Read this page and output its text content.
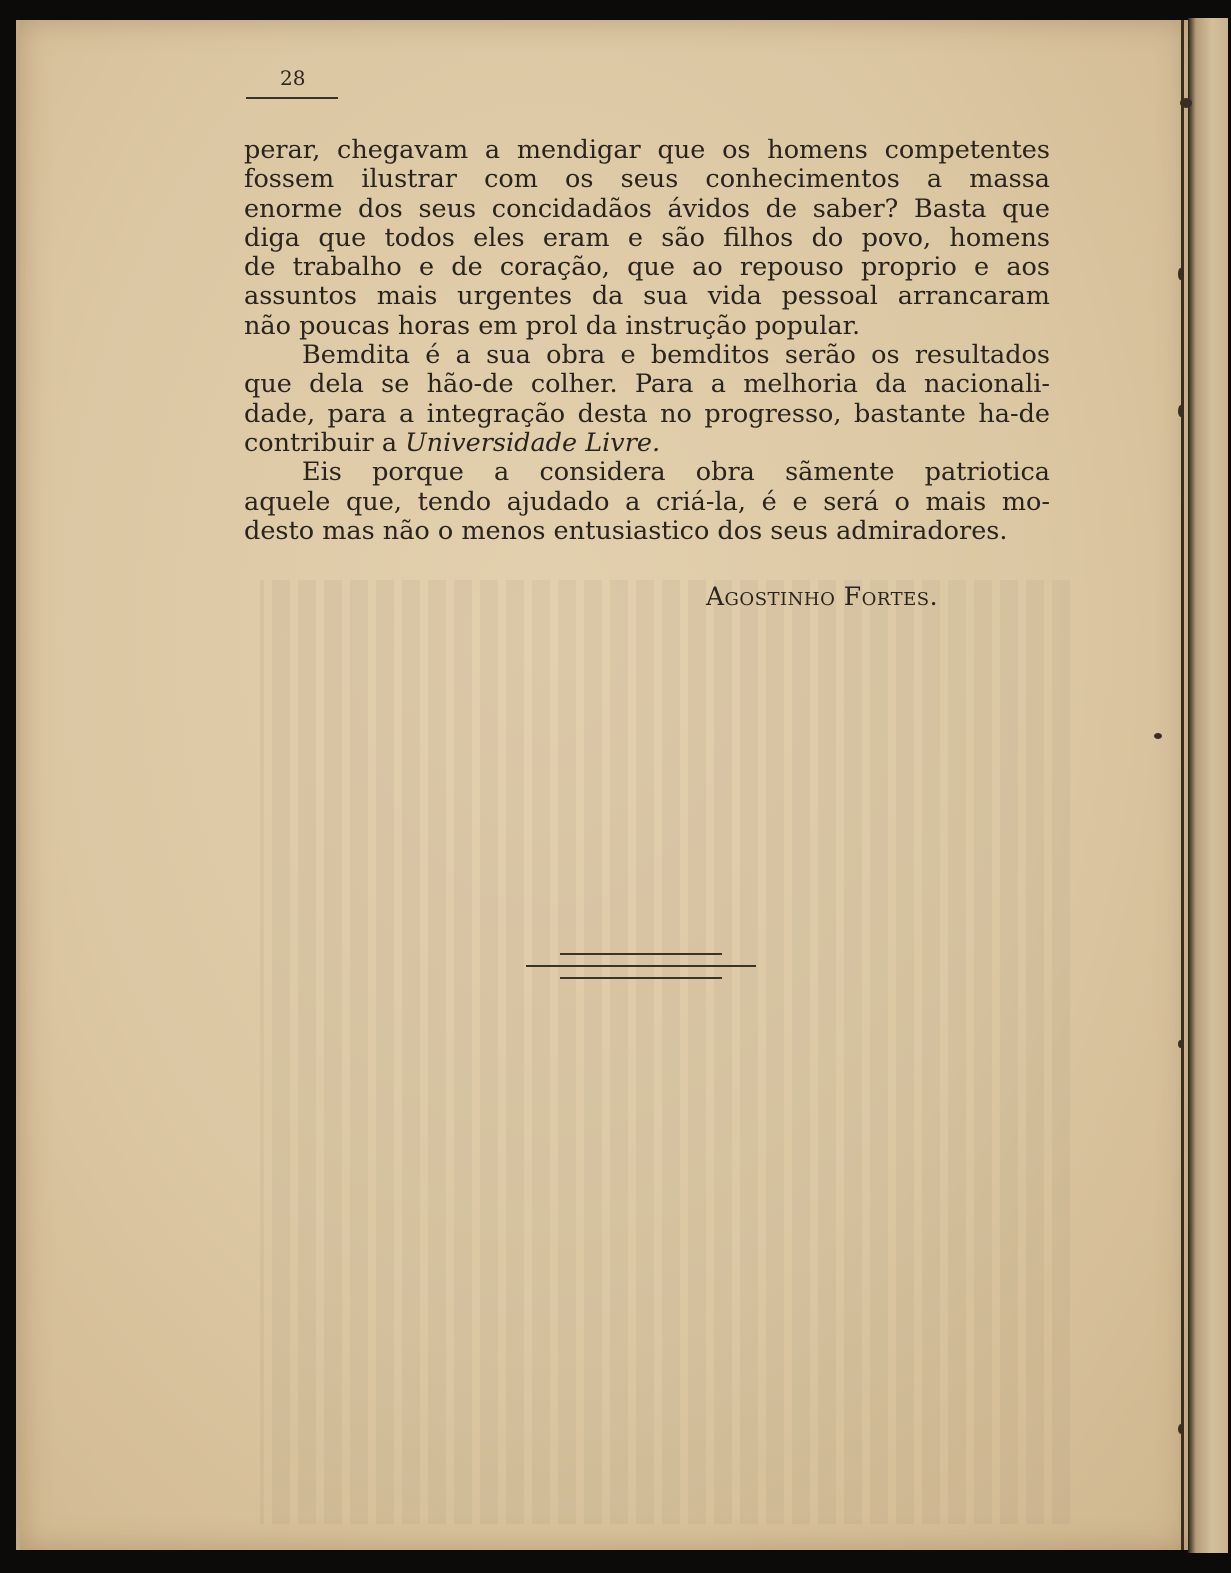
28
perar, chegavam a mendigar que os homens competentes
fossem ilustrar com os seus conhecimentos a massa
enorme dos seus concidadãos ávidos de saber? Basta que
diga que todos eles eram e são filhos do povo, homens
de trabalho e de coração, que ao repouso proprio e aos
assuntos mais urgentes da sua vida pessoal arrancaram
não poucas horas em prol da instrução popular.
Bemdita é a sua obra e bemditos serão os resultados
que dela se hão-de colher. Para a melhoria da nacionali-
dade, para a integração desta no progresso, bastante ha-de
contribuir a Universidade Livre.
Eis porque a considera obra sãmente patriotica
aquele que, tendo ajudado a criá-la, é e será o mais mo-
desto mas não o menos entusiastico dos seus admiradores.
Agostinho Fortes.
